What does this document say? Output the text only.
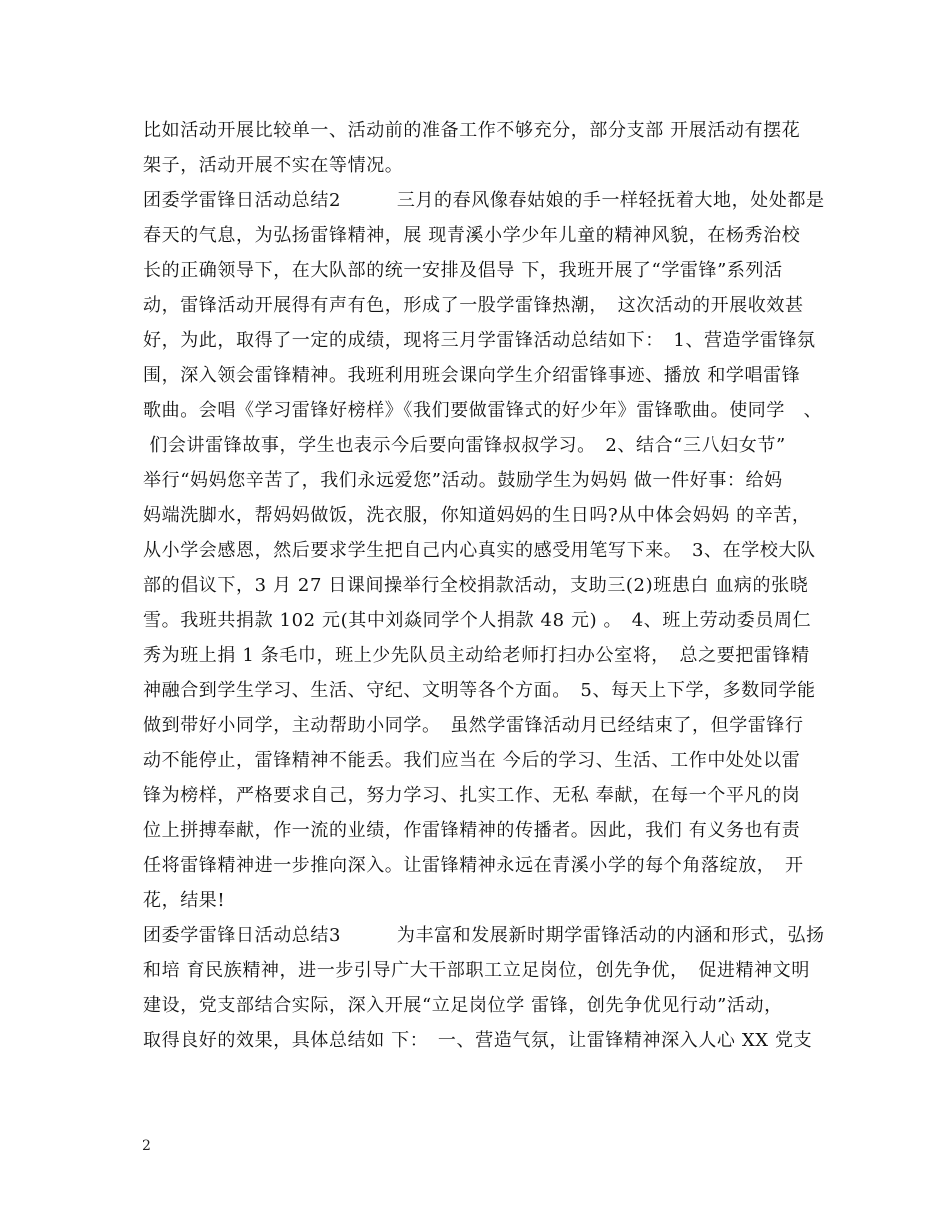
比如活动开展比较单一、活动前的准备工作不够充分，部分支部 开展活动有摆花
架子，活动开展不实在等情况。
团委学雷锋日活动总结2　　　三月的春风像春姑娘的手一样轻抚着大地，处处都是
春天的气息，为弘扬雷锋精神，展 现青溪小学少年儿童的精神风貌，在杨秀治校
长的正确领导下，在大队部的统一安排及倡导 下，我班开展了“学雷锋”系列活
动，雷锋活动开展得有声有色，形成了一股学雷锋热潮，　这次活动的开展收效甚
好，为此，取得了一定的成绩，现将三月学雷锋活动总结如下：　1、营造学雷锋氛
围，深入领会雷锋精神。我班利用班会课向学生介绍雷锋事迹、播放 和学唱雷锋
歌曲。会唱《学习雷锋好榜样》《我们要做雷锋式的好少年》雷锋歌曲。使同学　、
们会讲雷锋故事，学生也表示今后要向雷锋叔叔学习。　2、结合“三八妇女节”
举行“妈妈您辛苦了，我们永远爱您”活动。鼓励学生为妈妈 做一件好事：给妈
妈端洗脚水，帮妈妈做饭，洗衣服，你知道妈妈的生日吗?从中体会妈妈 的辛苦，
从小学会感恩，然后要求学生把自己内心真实的感受用笔写下来。　3、在学校大队
部的倡议下，3 月 27 日课间操举行全校捐款活动，支助三(2)班患白 血病的张晓
雪。我班共捐款 102 元(其中刘焱同学个人捐款 48 元) 。　4、班上劳动委员周仁
秀为班上捐 1 条毛巾，班上少先队员主动给老师打扫办公室将，　总之要把雷锋精
神融合到学生学习、生活、守纪、文明等各个方面。　5、每天上下学，多数同学能
做到带好小同学，主动帮助小同学。　虽然学雷锋活动月已经结束了，但学雷锋行
动不能停止，雷锋精神不能丢。我们应当在 今后的学习、生活、工作中处处以雷
锋为榜样，严格要求自己，努力学习、扎实工作、无私 奉献，在每一个平凡的岗
位上拼搏奉献，作一流的业绩，作雷锋精神的传播者。因此，我们 有义务也有责
任将雷锋精神进一步推向深入。让雷锋精神永远在青溪小学的每个角落绽放，　开
花，结果!
团委学雷锋日活动总结3　　　为丰富和发展新时期学雷锋活动的内涵和形式，弘扬
和培 育民族精神，进一步引导广大干部职工立足岗位，创先争优，　促进精神文明
建设，党支部结合实际，深入开展“立足岗位学 雷锋，创先争优见行动”活动，
取得良好的效果，具体总结如 下：　一、营造气氛，让雷锋精神深入人心 XX 党支
2
